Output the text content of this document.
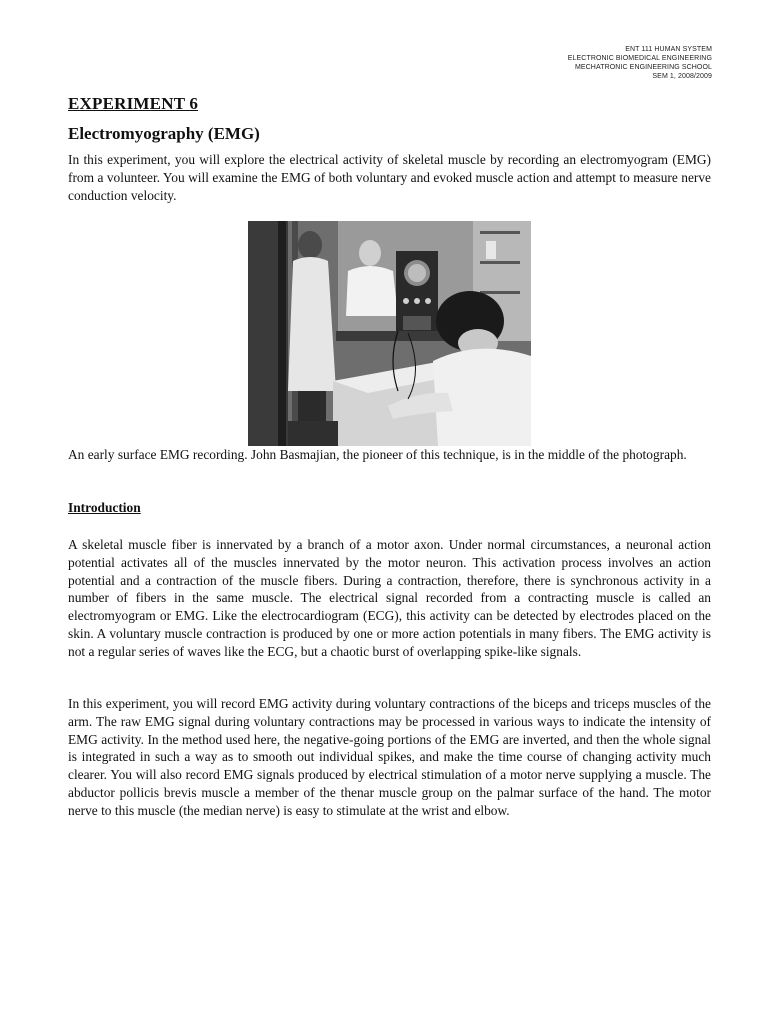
ENT 111 HUMAN SYSTEM
ELECTRONIC BIOMEDICAL ENGINEERING
MECHATRONIC ENGINEERING SCHOOL
SEM 1, 2008/2009
EXPERIMENT 6
Electromyography (EMG)

In this experiment, you will explore the electrical activity of skeletal muscle by recording an electromyogram (EMG) from a volunteer. You will examine the EMG of both voluntary and evoked muscle action and attempt to measure nerve conduction velocity.

An early surface EMG recording. John Basmajian, the pioneer of this technique, is in the middle of the photograph.

Introduction

A skeletal muscle fiber is innervated by a branch of a motor axon. Under normal circumstances, a neuronal action potential activates all of the muscles innervated by the motor neuron. This activation process involves an action potential and a contraction of the muscle fibers. During a contraction, therefore, there is synchronous activity in a number of fibers in the same muscle. The electrical signal recorded from a contracting muscle is called an electromyogram or EMG. Like the electrocardiogram (ECG), this activity can be detected by electrodes placed on the skin. A voluntary muscle contraction is produced by one or more action potentials in many fibers. The EMG activity is not a regular series of waves like the ECG, but a chaotic burst of overlapping spike-like signals.

In this experiment, you will record EMG activity during voluntary contractions of the biceps and triceps muscles of the arm. The raw EMG signal during voluntary contractions may be processed in various ways to indicate the intensity of EMG activity. In the method used here, the negative-going portions of the EMG are inverted, and then the whole signal is integrated in such a way as to smooth out individual spikes, and make the time course of changing activity much clearer. You will also record EMG signals produced by electrical stimulation of a motor nerve supplying a muscle. The abductor pollicis brevis muscle a member of the thenar muscle group on the palmar surface of the hand. The motor nerve to this muscle (the median nerve) is easy to stimulate at the wrist and elbow.
